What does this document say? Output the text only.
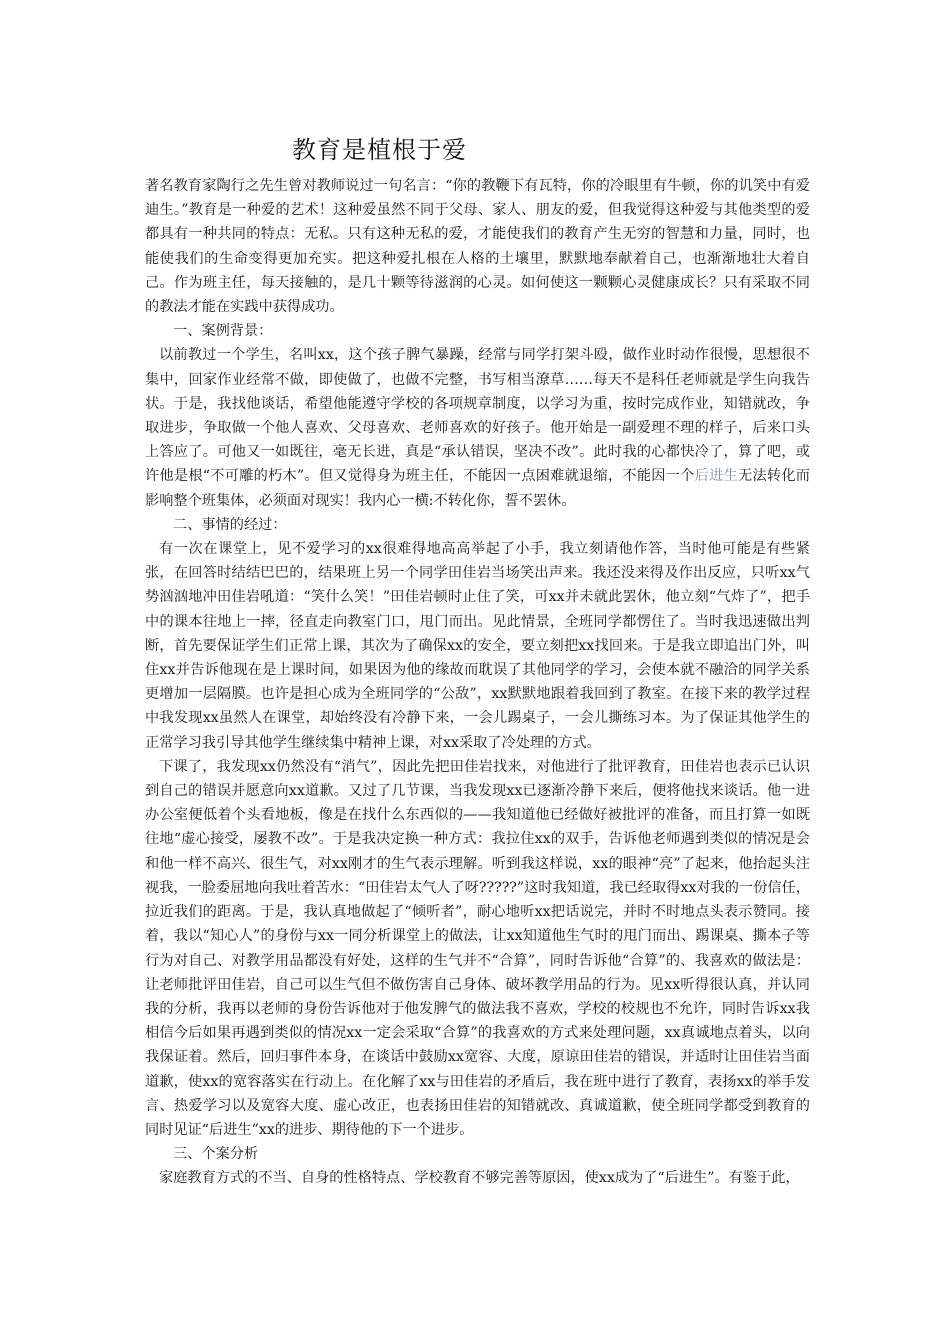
教育是植根于爱

著名教育家陶行之先生曾对教师说过一句名言：“你的教鞭下有瓦特，你的冷眼里有牛顿，你的讥笑中有爱迪生。”教育是一种爱的艺术！这种爱虽然不同于父母、家人、朋友的爱，但我觉得这种爱与其他类型的爱都具有一种共同的特点：无私。只有这种无私的爱，才能使我们的教育产生无穷的智慧和力量，同时，也能使我们的生命变得更加充实。把这种爱扎根在人格的土壤里，默默地奉献着自己，也渐渐地壮大着自己。作为班主任，每天接触的，是几十颗等待滋润的心灵。如何使这一颗颗心灵健康成长？只有采取不同的教法才能在实践中获得成功。

一、案例背景：

以前教过一个学生，名叫xx，这个孩子脾气暴躁，经常与同学打架斗殴，做作业时动作很慢，思想很不集中，回家作业经常不做，即使做了，也做不完整，书写相当潦草……每天不是科任老师就是学生向我告状。于是，我找他谈话，希望他能遵守学校的各项规章制度，以学习为重，按时完成作业，知错就改，争取进步，争取做一个他人喜欢、父母喜欢、老师喜欢的好孩子。他开始是一副爱理不理的样子，后来口头上答应了。可他又一如既往，毫无长进，真是“承认错误，坚决不改”。此时我的心都快冷了，算了吧，或许他是根“不可雕的朽木”。但又觉得身为班主任，不能因一点困难就退缩，不能因一个后进生无法转化而影响整个班集体，必须面对现实！我内心一横:不转化你，誓不罢休。

二、事情的经过：

有一次在课堂上，见不爱学习的xx很难得地高高举起了小手，我立刻请他作答，当时他可能是有些紧张，在回答时结结巴巴的，结果班上另一个同学田佳岩当场笑出声来。我还没来得及作出反应，只听xx气势汹汹地冲田佳岩吼道：“笑什么笑！”田佳岩顿时止住了笑，可xx并未就此罢休，他立刻“气炸了”，把手中的课本往地上一摔，径直走向教室门口，甩门而出。见此情景，全班同学都愣住了。当时我迅速做出判断，首先要保证学生们正常上课，其次为了确保xx的安全，要立刻把xx找回来。于是我立即追出门外，叫住xx并告诉他现在是上课时间，如果因为他的缘故而耽误了其他同学的学习，会使本就不融洽的同学关系更增加一层隔膜。也许是担心成为全班同学的“公敌”，xx默默地跟着我回到了教室。在接下来的教学过程中我发现xx虽然人在课堂，却始终没有冷静下来，一会儿踢桌子，一会儿撕练习本。为了保证其他学生的正常学习我引导其他学生继续集中精神上课，对xx采取了冷处理的方式。

下课了，我发现xx仍然没有“消气”，因此先把田佳岩找来，对他进行了批评教育，田佳岩也表示已认识到自己的错误并愿意向xx道歉。又过了几节课，当我发现xx已逐渐冷静下来后，便将他找来谈话。他一进办公室便低着个头看地板，像是在找什么东西似的——我知道他已经做好被批评的准备，而且打算一如既往地“虚心接受，屡教不改”。于是我决定换一种方式：我拉住xx的双手，告诉他老师遇到类似的情况是会和他一样不高兴、很生气，对xx刚才的生气表示理解。听到我这样说，xx的眼神“亮”了起来，他抬起头注视我，一脸委屈地向我吐着苦水：“田佳岩太气人了呀?????”这时我知道，我已经取得xx对我的一份信任，拉近我们的距离。于是，我认真地做起了“倾听者”，耐心地听xx把话说完，并时不时地点头表示赞同。接着，我以“知心人”的身份与xx一同分析课堂上的做法，让xx知道他生气时的甩门而出、踢课桌、撕本子等行为对自己、对教学用品都没有好处，这样的生气并不“合算”，同时告诉他“合算”的、我喜欢的做法是：让老师批评田佳岩，自己可以生气但不做伤害自己身体、破坏教学用品的行为。见xx听得很认真，并认同我的分析，我再以老师的身份告诉他对于他发脾气的做法我不喜欢，学校的校规也不允许，同时告诉xx我相信今后如果再遇到类似的情况xx一定会采取“合算”的我喜欢的方式来处理问题，xx真诚地点着头，以向我保证着。然后，回归事件本身，在谈话中鼓励xx宽容、大度，原谅田佳岩的错误，并适时让田佳岩当面道歉，使xx的宽容落实在行动上。在化解了xx与田佳岩的矛盾后，我在班中进行了教育，表扬xx的举手发言、热爱学习以及宽容大度、虚心改正，也表扬田佳岩的知错就改、真诚道歉，使全班同学都受到教育的同时见证“后进生”xx的进步、期待他的下一个进步。

三、个案分析

家庭教育方式的不当、自身的性格特点、学校教育不够完善等原因，使xx成为了“后进生”。有鉴于此，
